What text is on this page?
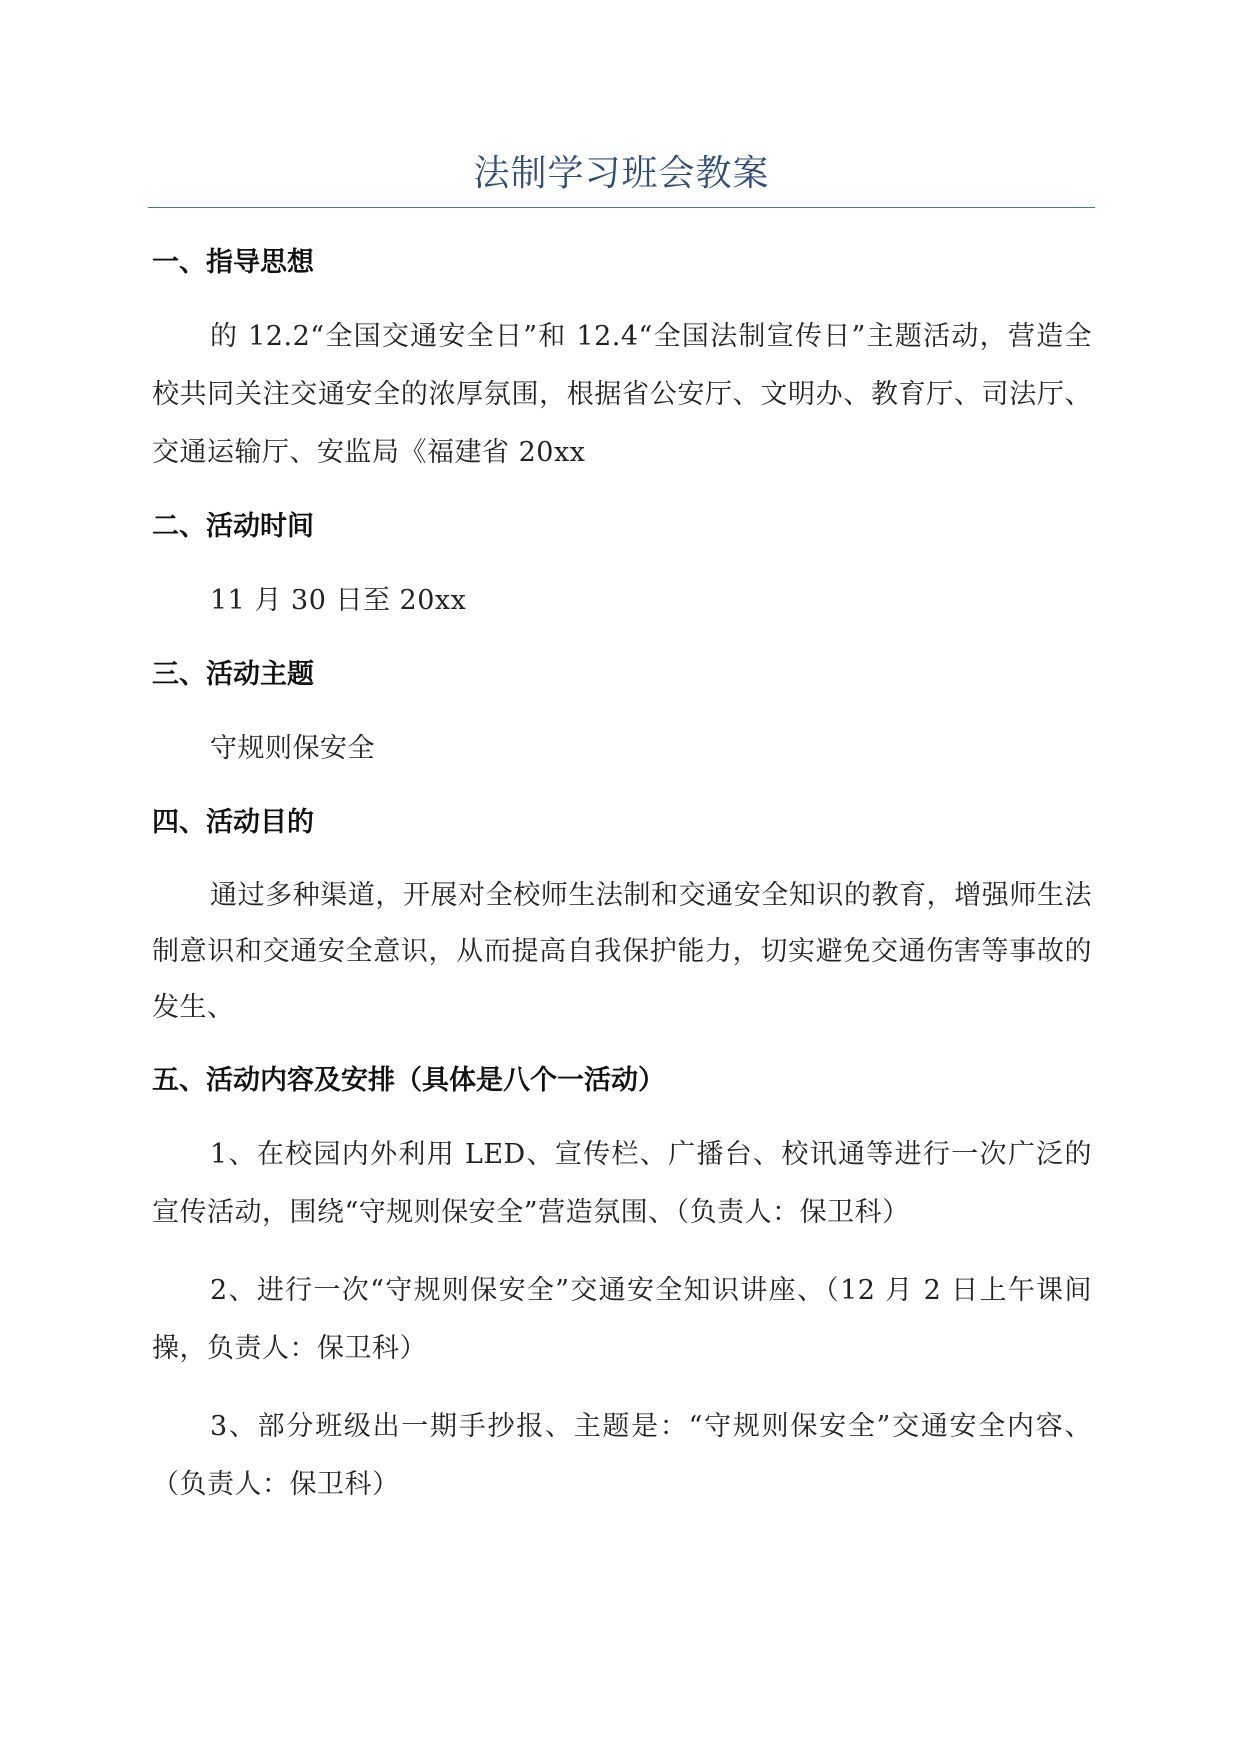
法制学习班会教案
一、指导思想

的 12.2“全国交通安全日”和 12.4“全国法制宣传日”主题活动，营造全校共同关注交通安全的浓厚氛围，根据省公安厅、文明办、教育厅、司法厅、交通运输厅、安监局《福建省 20xx

二、活动时间

11 月 30 日至 20xx

三、活动主题

守规则保安全

四、活动目的

通过多种渠道，开展对全校师生法制和交通安全知识的教育，增强师生法制意识和交通安全意识，从而提高自我保护能力，切实避免交通伤害等事故的发生、

五、活动内容及安排（具体是八个一活动）

1、在校园内外利用 LED、宣传栏、广播台、校讯通等进行一次广泛的宣传活动，围绕“守规则保安全”营造氛围、（负责人：保卫科）

2、进行一次“守规则保安全”交通安全知识讲座、（12 月 2 日上午课间操，负责人：保卫科）

3、部分班级出一期手抄报、主题是：“守规则保安全”交通安全内容、（负责人：保卫科）
